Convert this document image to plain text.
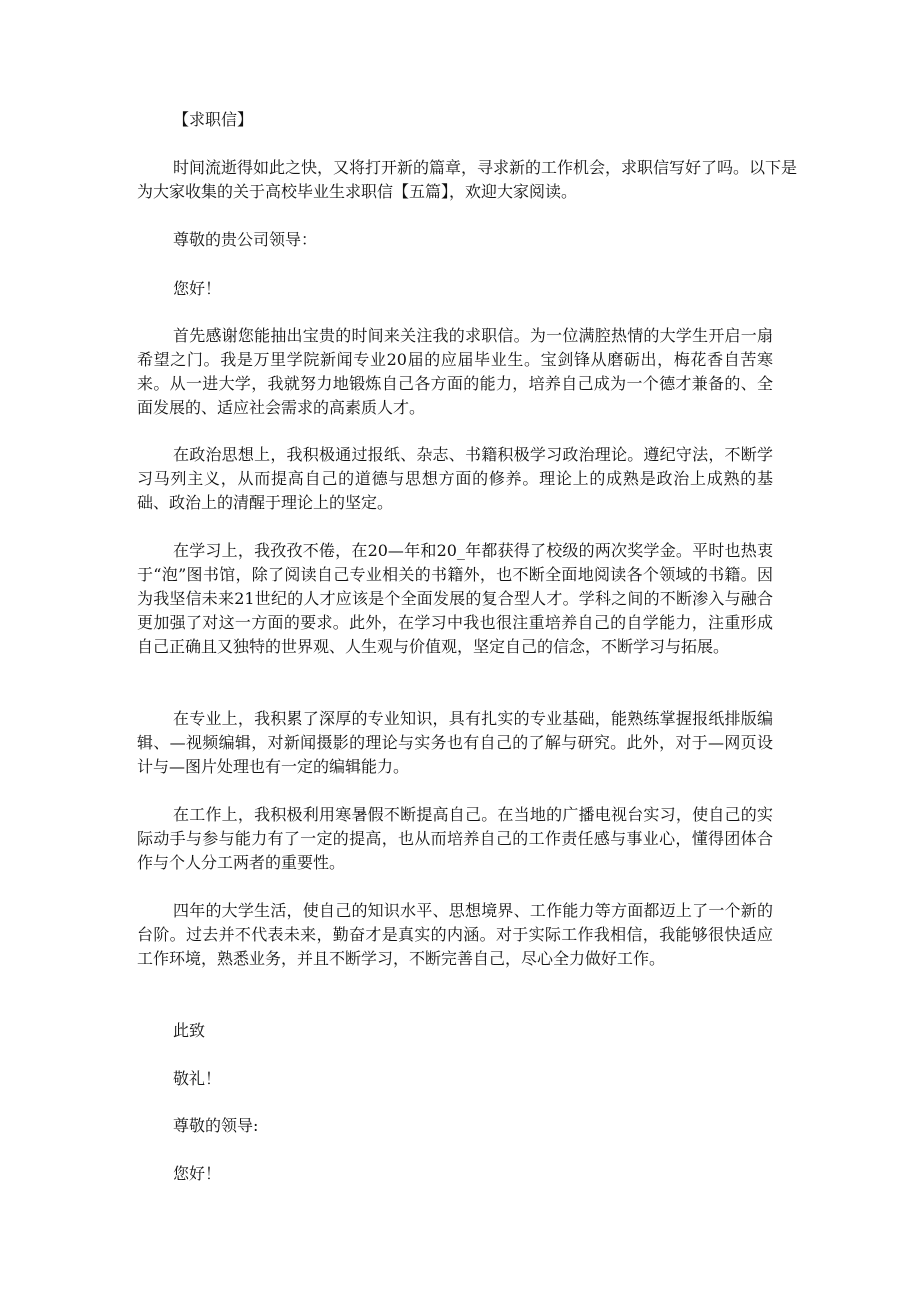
【求职信】

时间流逝得如此之快，又将打开新的篇章，寻求新的工作机会，求职信写好了吗。以下是为大家收集的关于高校毕业生求职信【五篇】，欢迎大家阅读。

尊敬的贵公司领导：

您好！

首先感谢您能抽出宝贵的时间来关注我的求职信。为一位满腔热情的大学生开启一扇希望之门。我是万里学院新闻专业20届的应届毕业生。宝剑锋从磨砺出，梅花香自苦寒来。从一进大学，我就努力地锻炼自己各方面的能力，培养自己成为一个德才兼备的、全面发展的、适应社会需求的高素质人才。

在政治思想上，我积极通过报纸、杂志、书籍积极学习政治理论。遵纪守法，不断学习马列主义，从而提高自己的道德与思想方面的修养。理论上的成熟是政治上成熟的基础、政治上的清醒于理论上的坚定。

在学习上，我孜孜不倦，在20—年和20_年都获得了校级的两次奖学金。平时也热衷于“泡”图书馆，除了阅读自己专业相关的书籍外，也不断全面地阅读各个领域的书籍。因为我坚信未来21世纪的人才应该是个全面发展的复合型人才。学科之间的不断渗入与融合更加强了对这一方面的要求。此外，在学习中我也很注重培养自己的自学能力，注重形成自己正确且又独特的世界观、人生观与价值观，坚定自己的信念，不断学习与拓展。

在专业上，我积累了深厚的专业知识，具有扎实的专业基础，能熟练掌握报纸排版编辑、—视频编辑，对新闻摄影的理论与实务也有自己的了解与研究。此外，对于—网页设计与—图片处理也有一定的编辑能力。

在工作上，我积极利用寒暑假不断提高自己。在当地的广播电视台实习，使自己的实际动手与参与能力有了一定的提高，也从而培养自己的工作责任感与事业心，懂得团体合作与个人分工两者的重要性。

四年的大学生活，使自己的知识水平、思想境界、工作能力等方面都迈上了一个新的台阶。过去并不代表未来，勤奋才是真实的内涵。对于实际工作我相信，我能够很快适应工作环境，熟悉业务，并且不断学习，不断完善自己，尽心全力做好工作。

此致

敬礼！

尊敬的领导:

您好！
